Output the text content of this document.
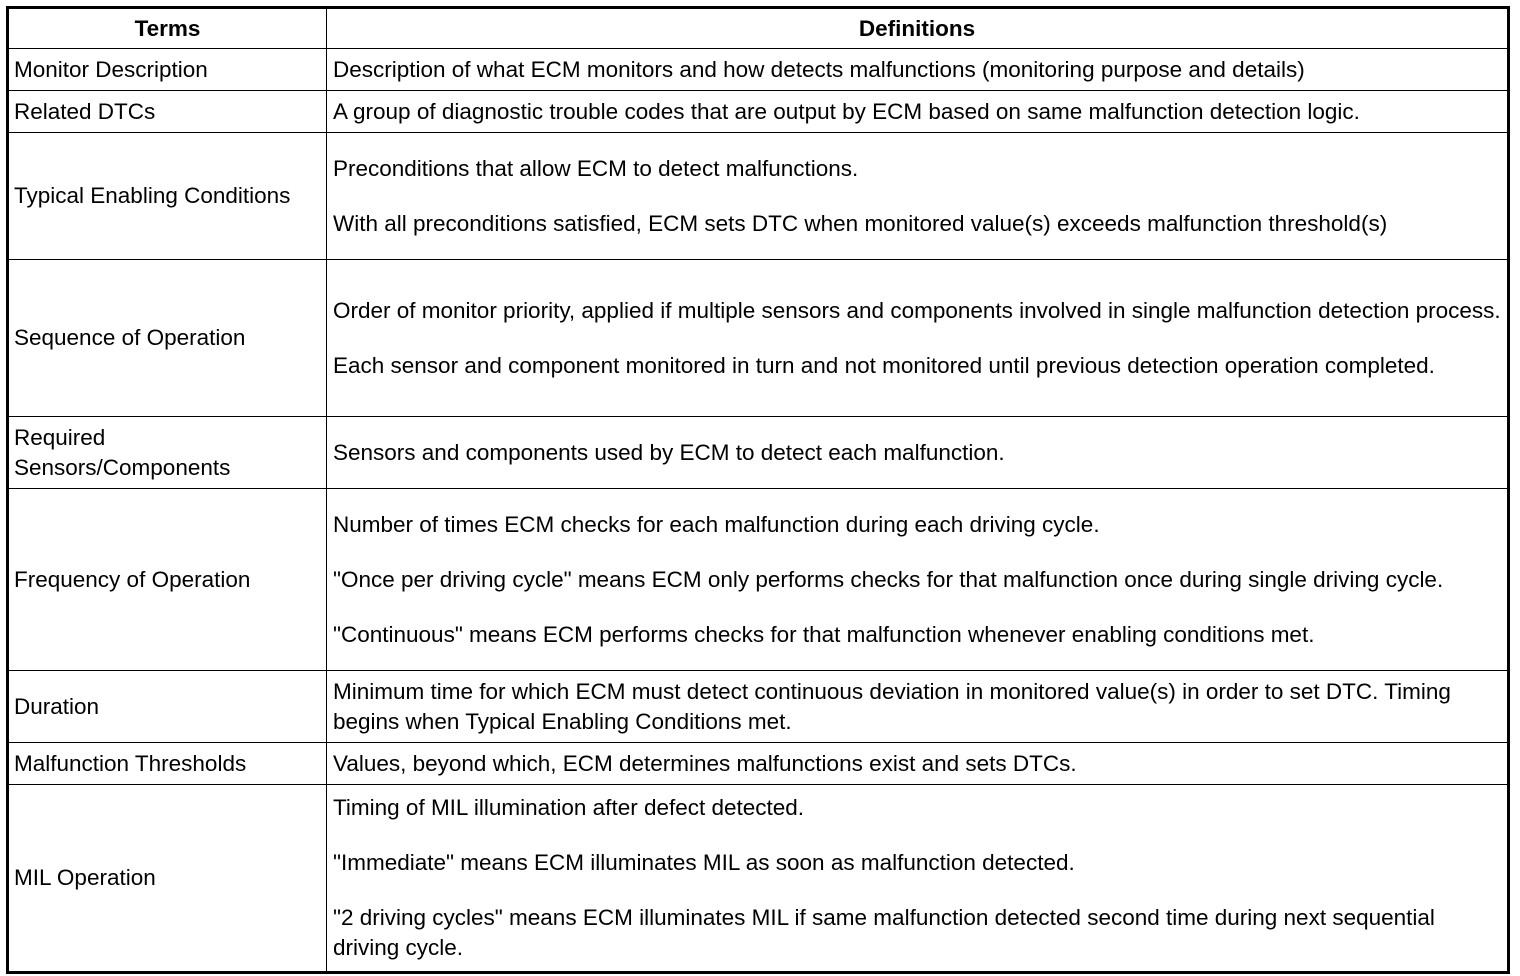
Terms	Definitions
Monitor Description	Description of what ECM monitors and how detects malfunctions (monitoring purpose and details)

Related DTCs	A group of diagnostic trouble codes that are output by ECM based on same malfunction detection logic.

Typical Enabling Conditions	Preconditions that allow ECM to detect malfunctions.
With all preconditions satisfied, ECM sets DTC when monitored value(s) exceeds malfunction threshold(s)

Sequence of Operation	Order of monitor priority, applied if multiple sensors and components involved in single malfunction detection process.
Each sensor and component monitored in turn and not monitored until previous detection operation completed.

Required Sensors/Components	Sensors and components used by ECM to detect each malfunction.

Frequency of Operation	Number of times ECM checks for each malfunction during each driving cycle.
"Once per driving cycle" means ECM only performs checks for that malfunction once during single driving cycle.
"Continuous" means ECM performs checks for that malfunction whenever enabling conditions met.

Duration	Minimum time for which ECM must detect continuous deviation in monitored value(s) in order to set DTC. Timing begins when Typical Enabling Conditions met.

Malfunction Thresholds	Values, beyond which, ECM determines malfunctions exist and sets DTCs.

MIL Operation	Timing of MIL illumination after defect detected.
"Immediate" means ECM illuminates MIL as soon as malfunction detected.
"2 driving cycles" means ECM illuminates MIL if same malfunction detected second time during next sequential driving cycle.
